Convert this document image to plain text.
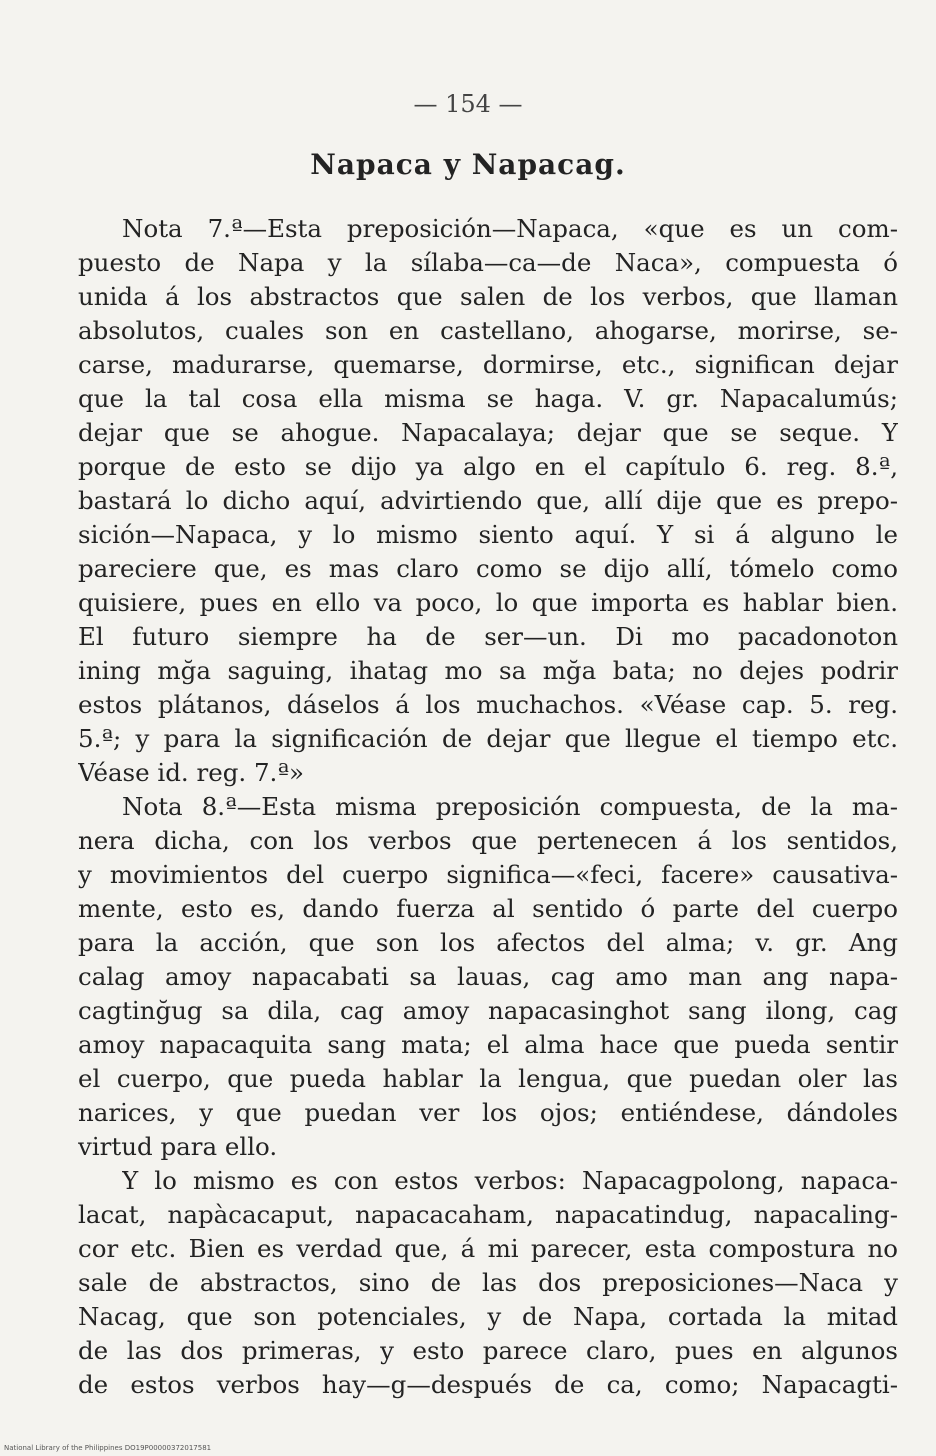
— 154 —
Napaca y Napacag.
Nota 7.ª—Esta preposición—Napaca, «que es un com-
puesto de Napa y la sílaba—ca—de Naca», compuesta ó
unida á los abstractos que salen de los verbos, que llaman
absolutos, cuales son en castellano, ahogarse, morirse, se-
carse, madurarse, quemarse, dormirse, etc., significan dejar
que la tal cosa ella misma se haga. V. gr. Napacalumús;
dejar que se ahogue. Napacalaya; dejar que se seque. Y
porque de esto se dijo ya algo en el capítulo 6. reg. 8.ª,
bastará lo dicho aquí, advirtiendo que, allí dije que es prepo-
sición—Napaca, y lo mismo siento aquí. Y si á alguno le
pareciere que, es mas claro como se dijo allí, tómelo como
quisiere, pues en ello va poco, lo que importa es hablar bien.
El futuro siempre ha de ser—un. Di mo pacadonoton
ining mğa saguing, ihatag mo sa mğa bata; no dejes podrir
estos plátanos, dáselos á los muchachos. «Véase cap. 5. reg.
5.ª; y para la significación de dejar que llegue el tiempo etc.
Véase id. reg. 7.ª»
Nota 8.ª—Esta misma preposición compuesta, de la ma-
nera dicha, con los verbos que pertenecen á los sentidos,
y movimientos del cuerpo significa—«feci, facere» causativa-
mente, esto es, dando fuerza al sentido ó parte del cuerpo
para la acción, que son los afectos del alma; v. gr. Ang
calag amoy napacabati sa lauas, cag amo man ang napa-
cagtinğug sa dila, cag amoy napacasinghot sang ilong, cag
amoy napacaquita sang mata; el alma hace que pueda sentir
el cuerpo, que pueda hablar la lengua, que puedan oler las
narices, y que puedan ver los ojos; entiéndese, dándoles
virtud para ello.
Y lo mismo es con estos verbos: Napacagpolong, napaca-
lacat, napàcacaput, napacacaham, napacatindug, napacaling-
cor etc. Bien es verdad que, á mi parecer, esta compostura no
sale de abstractos, sino de las dos preposiciones—Naca y
Nacag, que son potenciales, y de Napa, cortada la mitad
de las dos primeras, y esto parece claro, pues en algunos
de estos verbos hay—g—después de ca, como; Napacagti-
National Library of the Philippines DO19P00000372017581
